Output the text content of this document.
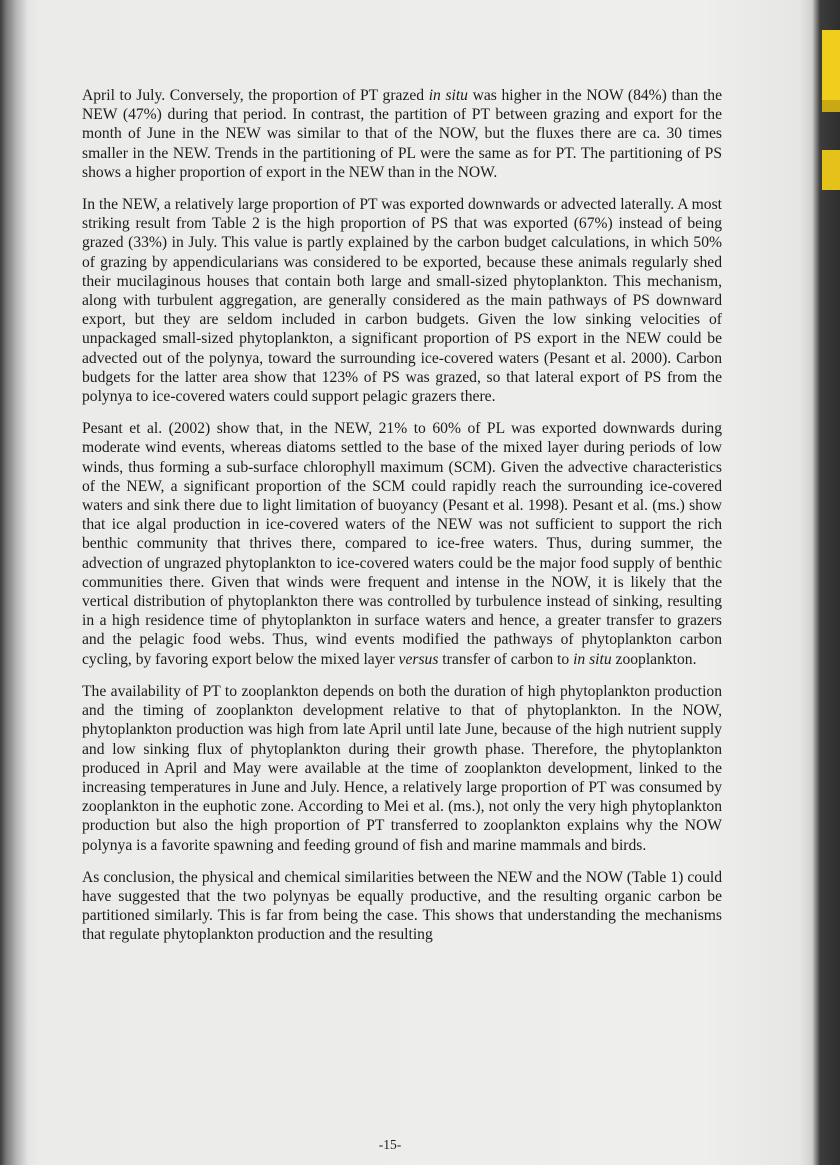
April to July. Conversely, the proportion of PT grazed in situ was higher in the NOW (84%) than the NEW (47%) during that period. In contrast, the partition of PT between grazing and export for the month of June in the NEW was similar to that of the NOW, but the fluxes there are ca. 30 times smaller in the NEW. Trends in the partitioning of PL were the same as for PT. The partitioning of PS shows a higher proportion of export in the NEW than in the NOW.

In the NEW, a relatively large proportion of PT was exported downwards or advected laterally. A most striking result from Table 2 is the high proportion of PS that was exported (67%) instead of being grazed (33%) in July. This value is partly explained by the carbon budget calculations, in which 50% of grazing by appendicularians was considered to be exported, because these animals regularly shed their mucilaginous houses that contain both large and small-sized phytoplankton. This mechanism, along with turbulent aggregation, are generally considered as the main pathways of PS downward export, but they are seldom included in carbon budgets. Given the low sinking velocities of unpackaged small-sized phytoplankton, a significant proportion of PS export in the NEW could be advected out of the polynya, toward the surrounding ice-covered waters (Pesant et al. 2000). Carbon budgets for the latter area show that 123% of PS was grazed, so that lateral export of PS from the polynya to ice-covered waters could support pelagic grazers there.

Pesant et al. (2002) show that, in the NEW, 21% to 60% of PL was exported downwards during moderate wind events, whereas diatoms settled to the base of the mixed layer during periods of low winds, thus forming a sub-surface chlorophyll maximum (SCM). Given the advective characteristics of the NEW, a significant proportion of the SCM could rapidly reach the surrounding ice-covered waters and sink there due to light limitation of buoyancy (Pesant et al. 1998). Pesant et al. (ms.) show that ice algal production in ice-covered waters of the NEW was not sufficient to support the rich benthic community that thrives there, compared to ice-free waters. Thus, during summer, the advection of ungrazed phytoplankton to ice-covered waters could be the major food supply of benthic communities there. Given that winds were frequent and intense in the NOW, it is likely that the vertical distribution of phytoplankton there was controlled by turbulence instead of sinking, resulting in a high residence time of phytoplankton in surface waters and hence, a greater transfer to grazers and the pelagic food webs. Thus, wind events modified the pathways of phytoplankton carbon cycling, by favoring export below the mixed layer versus transfer of carbon to in situ zooplankton.

The availability of PT to zooplankton depends on both the duration of high phytoplankton production and the timing of zooplankton development relative to that of phytoplankton. In the NOW, phytoplankton production was high from late April until late June, because of the high nutrient supply and low sinking flux of phytoplankton during their growth phase. Therefore, the phytoplankton produced in April and May were available at the time of zooplankton development, linked to the increasing temperatures in June and July. Hence, a relatively large proportion of PT was consumed by zooplankton in the euphotic zone. According to Mei et al. (ms.), not only the very high phytoplankton production but also the high proportion of PT transferred to zooplankton explains why the NOW polynya is a favorite spawning and feeding ground of fish and marine mammals and birds.

As conclusion, the physical and chemical similarities between the NEW and the NOW (Table 1) could have suggested that the two polynyas be equally productive, and the resulting organic carbon be partitioned similarly. This is far from being the case. This shows that understanding the mechanisms that regulate phytoplankton production and the resulting

-15-
